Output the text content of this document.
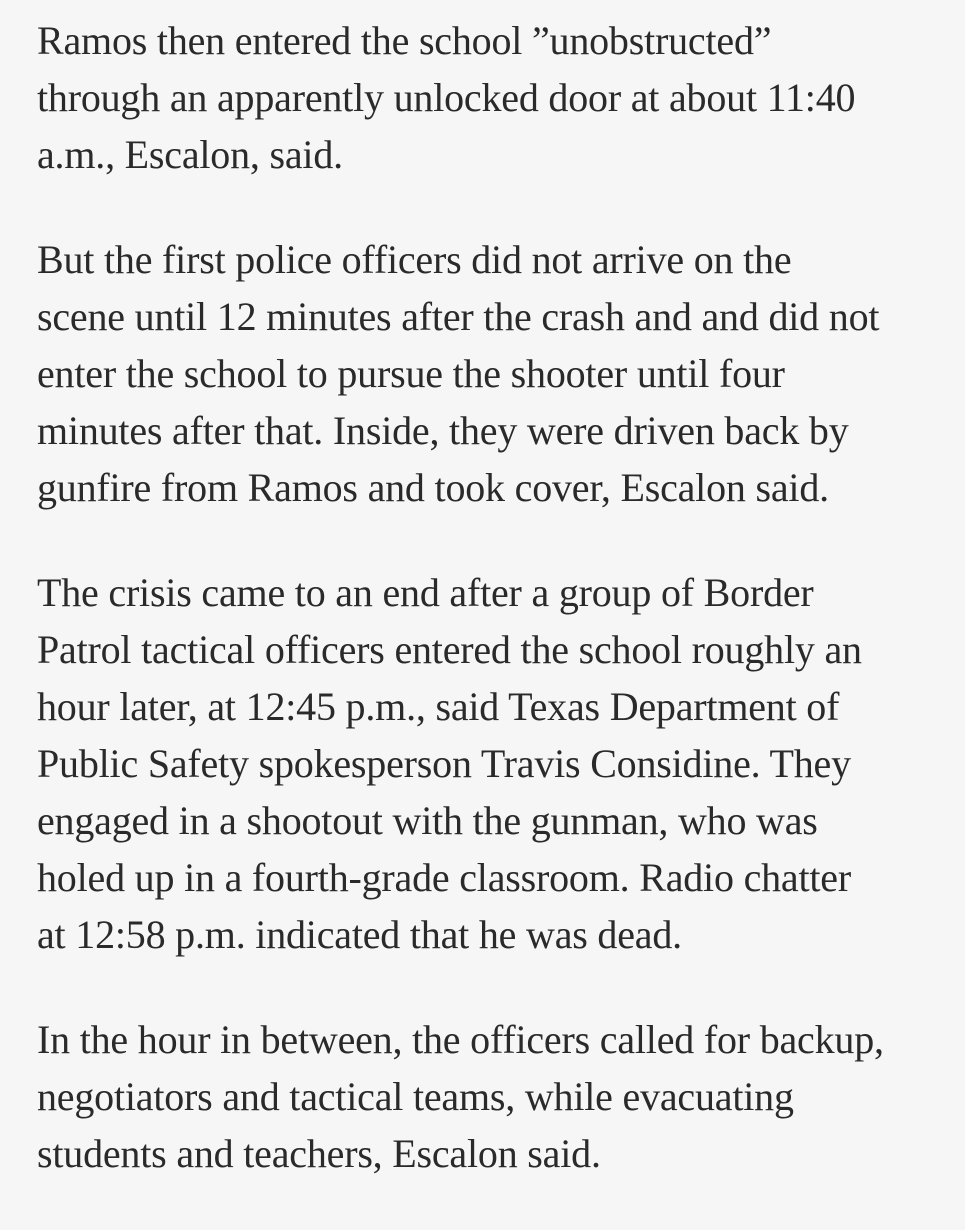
Ramos then entered the school ”unobstructed”
through an apparently unlocked door at about 11:40
a.m., Escalon, said.

But the first police officers did not arrive on the
scene until 12 minutes after the crash and and did not
enter the school to pursue the shooter until four
minutes after that. Inside, they were driven back by
gunfire from Ramos and took cover, Escalon said.

The crisis came to an end after a group of Border
Patrol tactical officers entered the school roughly an
hour later, at 12:45 p.m., said Texas Department of
Public Safety spokesperson Travis Considine. They
engaged in a shootout with the gunman, who was
holed up in a fourth-grade classroom. Radio chatter
at 12:58 p.m. indicated that he was dead.

In the hour in between, the officers called for backup,
negotiators and tactical teams, while evacuating
students and teachers, Escalon said.
